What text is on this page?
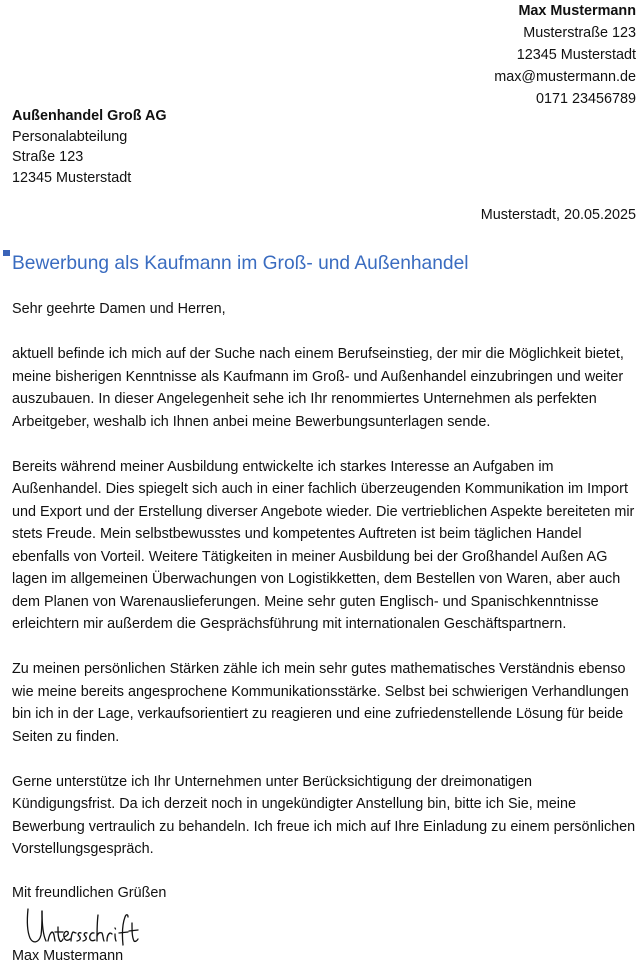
Max Mustermann
Musterstraße 123
12345 Musterstadt
max@mustermann.de
0171 23456789
Außenhandel Groß AG
Personalabteilung
Straße 123
12345 Musterstadt
Musterstadt, 20.05.2025
Bewerbung als Kaufmann im Groß- und Außenhandel

Sehr geehrte Damen und Herren,

aktuell befinde ich mich auf der Suche nach einem Berufseinstieg, der mir die Möglichkeit bietet, meine bisherigen Kenntnisse als Kaufmann im Groß- und Außenhandel einzubringen und weiter auszubauen. In dieser Angelegenheit sehe ich Ihr renommiertes Unternehmen als perfekten Arbeitgeber, weshalb ich Ihnen anbei meine Bewerbungsunterlagen sende.

Bereits während meiner Ausbildung entwickelte ich starkes Interesse an Aufgaben im Außenhandel. Dies spiegelt sich auch in einer fachlich überzeugenden Kommunikation im Import und Export und der Erstellung diverser Angebote wieder. Die vertrieblichen Aspekte bereiteten mir stets Freude. Mein selbstbewusstes und kompetentes Auftreten ist beim täglichen Handel ebenfalls von Vorteil. Weitere Tätigkeiten in meiner Ausbildung bei der Großhandel Außen AG lagen im allgemeinen Überwachungen von Logistikketten, dem Bestellen von Waren, aber auch dem Planen von Warenauslieferungen. Meine sehr guten Englisch- und Spanischkenntnisse erleichtern mir außerdem die Gesprächsführung mit internationalen Geschäftspartnern.

Zu meinen persönlichen Stärken zähle ich mein sehr gutes mathematisches Verständnis ebenso wie meine bereits angesprochene Kommunikationsstärke. Selbst bei schwierigen Verhandlungen bin ich in der Lage, verkaufsorientiert zu reagieren und eine zufriedenstellende Lösung für beide Seiten zu finden.

Gerne unterstütze ich Ihr Unternehmen unter Berücksichtigung der dreimonatigen Kündigungsfrist. Da ich derzeit noch in ungekündigter Anstellung bin, bitte ich Sie, meine Bewerbung vertraulich zu behandeln. Ich freue ich mich auf Ihre Einladung zu einem persönlichen Vorstellungsgespräch.

Mit freundlichen Grüßen
Max Mustermann
